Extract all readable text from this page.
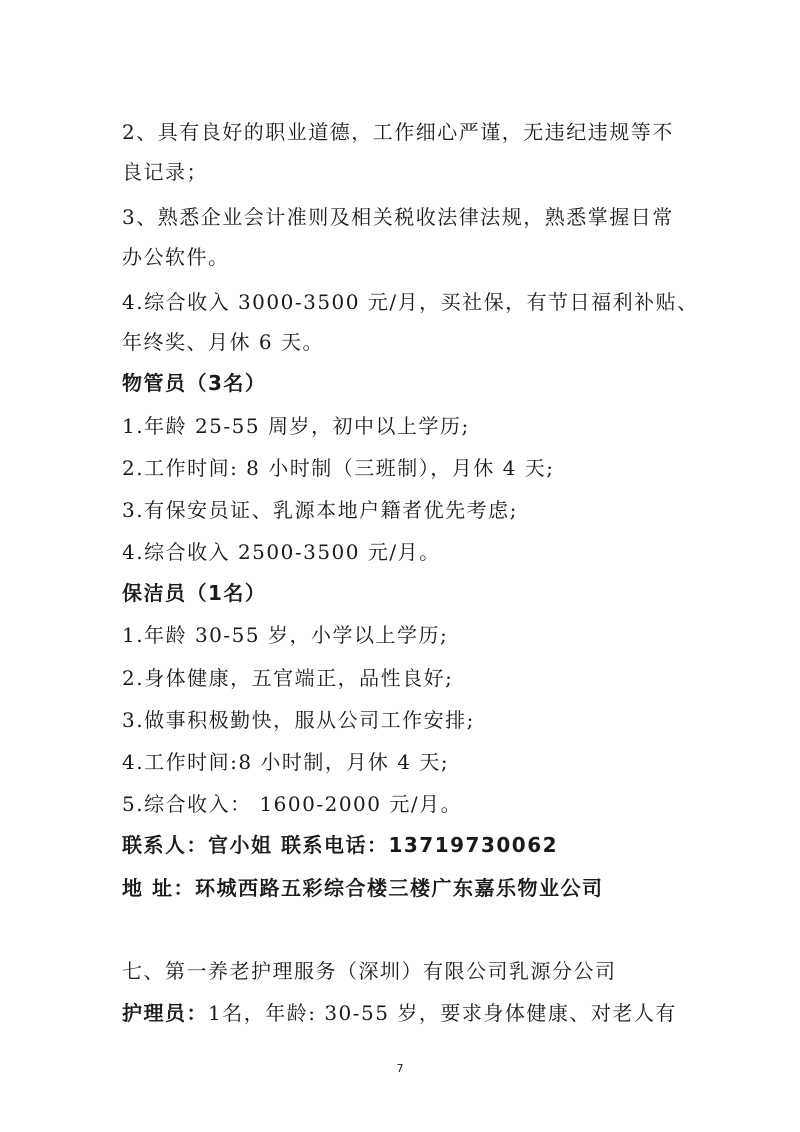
2、具有良好的职业道德，工作细心严谨，无违纪违规等不
良记录；
3、熟悉企业会计准则及相关税收法律法规，熟悉掌握日常
办公软件。
4.综合收入 3000-3500 元/月，买社保，有节日福利补贴、
年终奖、月休 6 天。
物管员（3名）
1.年龄 25-55 周岁，初中以上学历;
2.工作时间: 8 小时制（三班制），月休 4 天;
3.有保安员证、乳源本地户籍者优先考虑;
4.综合收入 2500-3500 元/月。
保洁员（1名）
1.年龄 30-55 岁，小学以上学历;
2.身体健康，五官端正，品性良好;
3.做事积极勤快，服从公司工作安排;
4.工作时间:8 小时制，月休 4 天;
5.综合收入： 1600-2000 元/月。
联系人：官小姐 联系电话：13719730062
地 址：环城西路五彩综合楼三楼广东嘉乐物业公司
七、第一养老护理服务（深圳）有限公司乳源分公司
护理员：1名，年龄: 30-55 岁，要求身体健康、对老人有
7
